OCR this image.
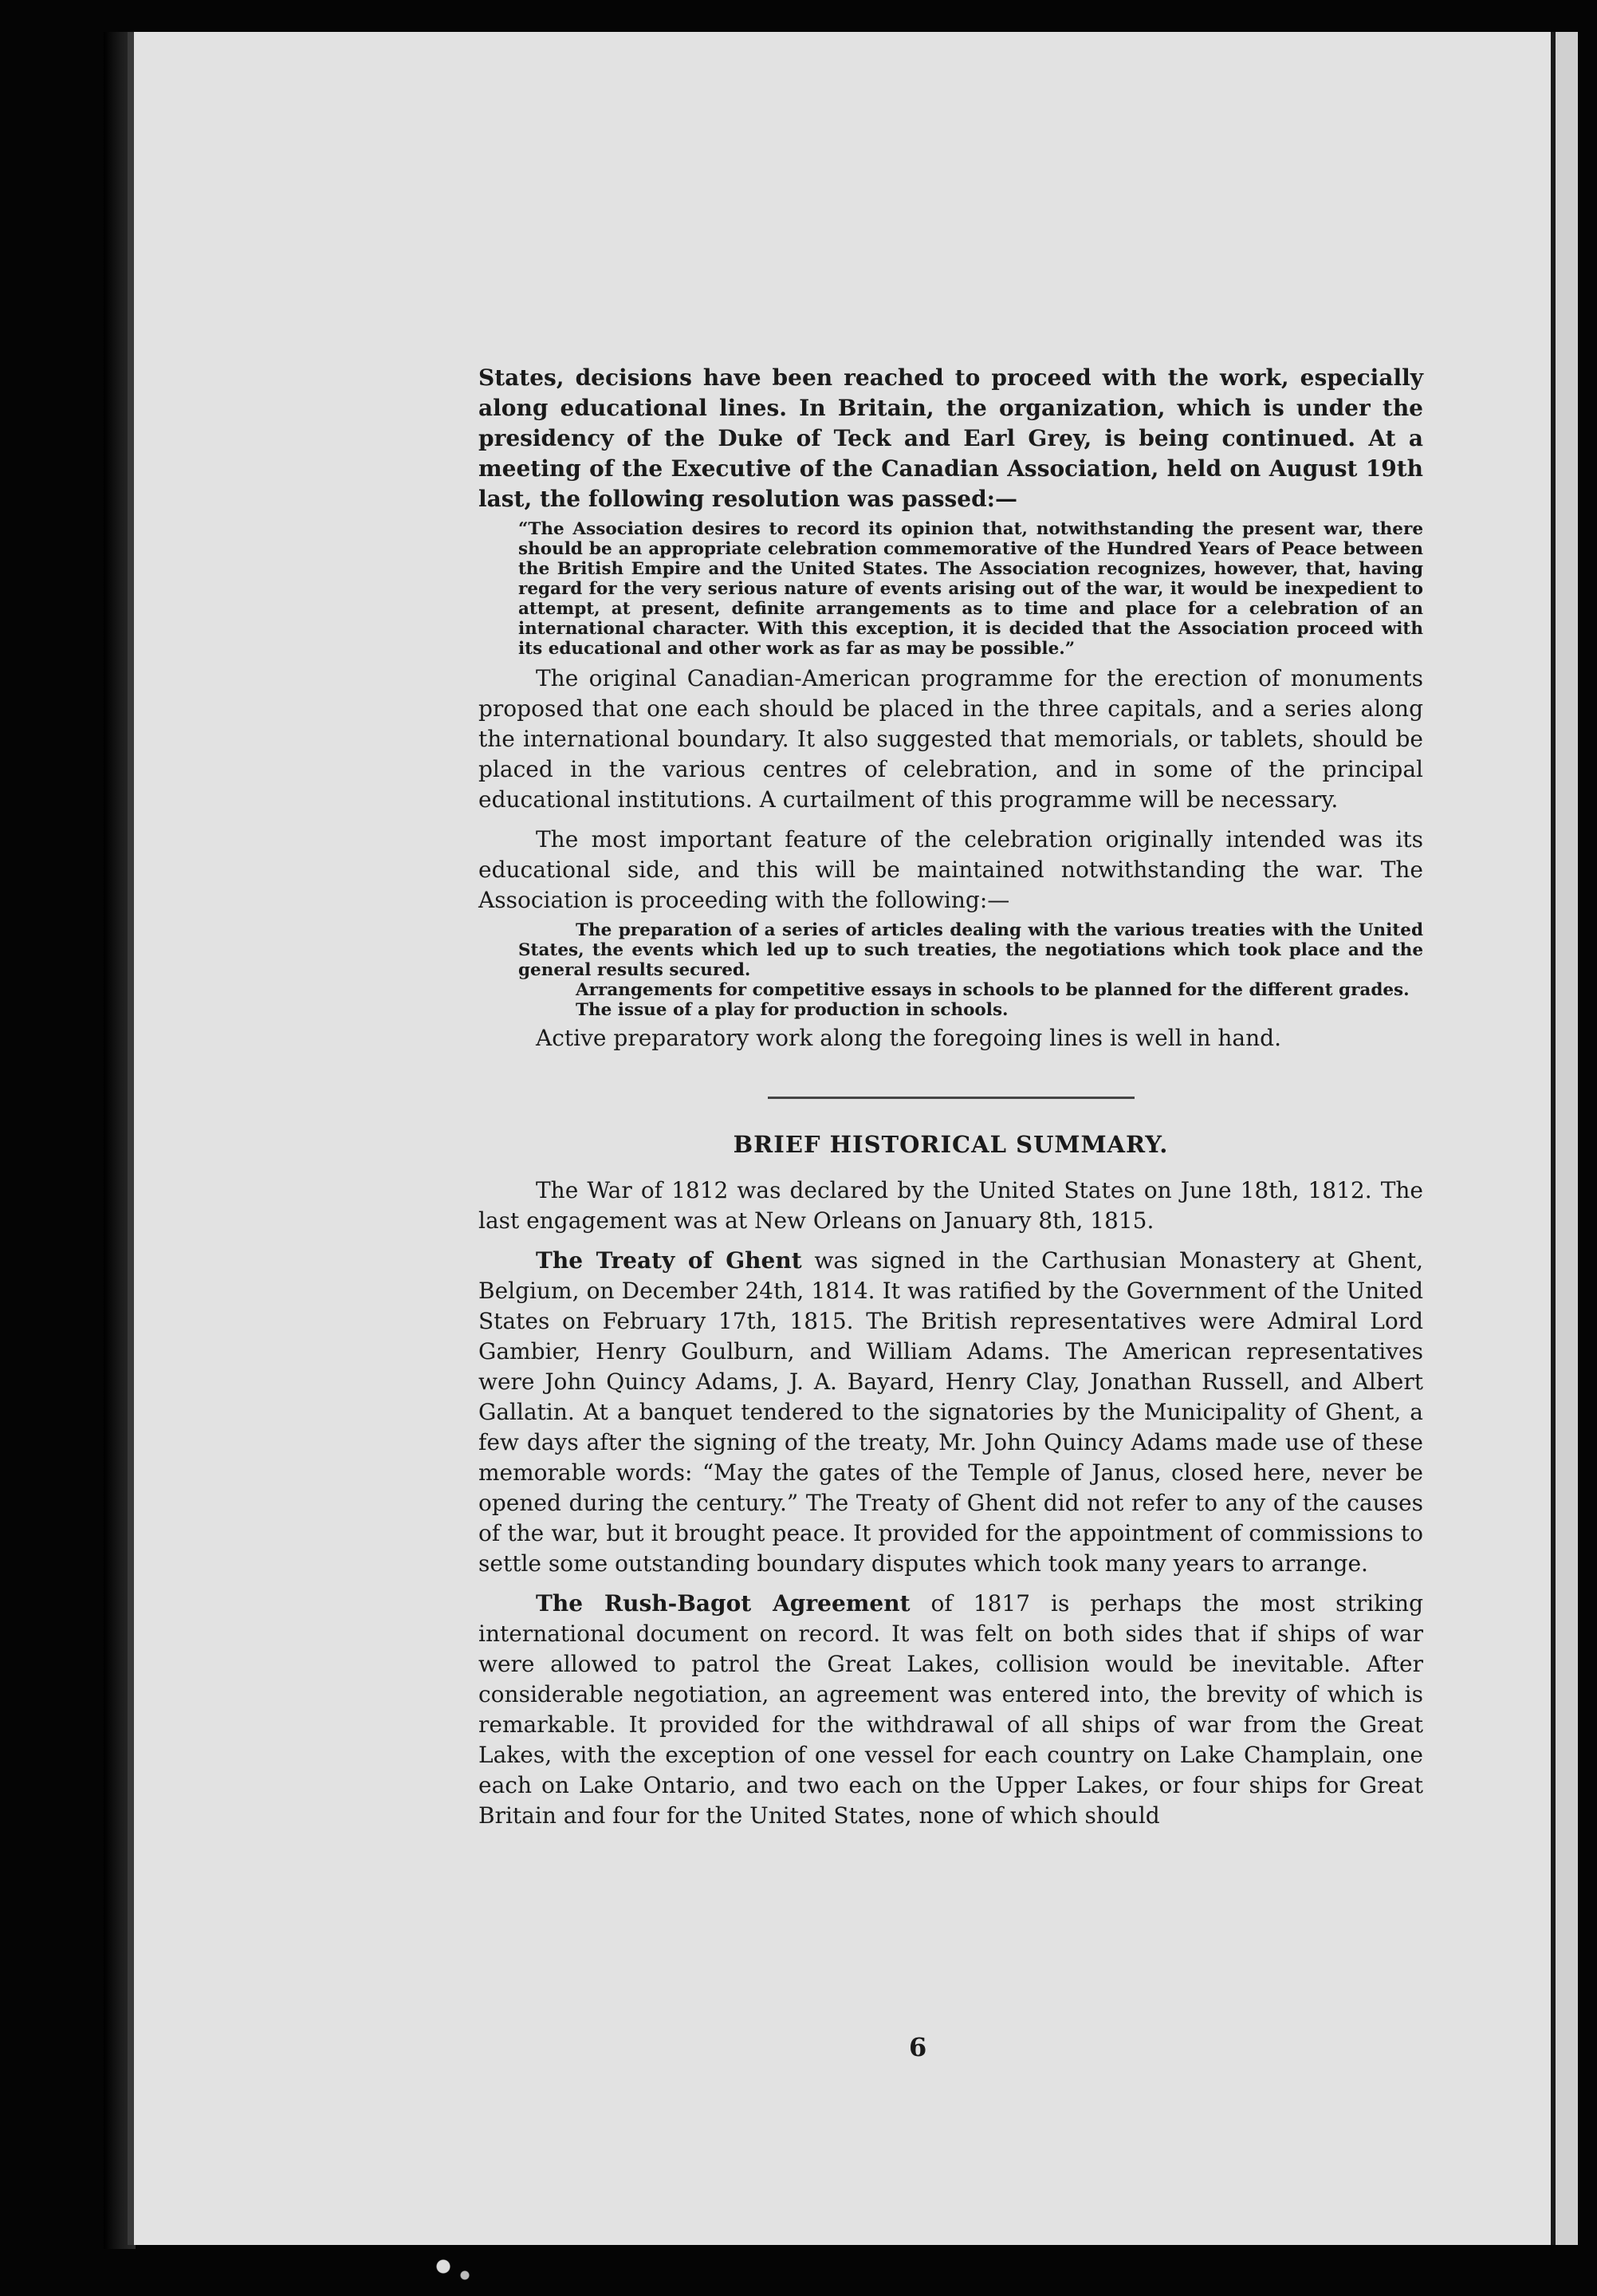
States, decisions have been reached to proceed with the work, especially along educational lines. In Britain, the organization, which is under the presidency of the Duke of Teck and Earl Grey, is being continued. At a meeting of the Executive of the Canadian Association, held on August 19th last, the following resolution was passed:—

“The Association desires to record its opinion that, notwithstanding the present war, there should be an appropriate celebration commemorative of the Hundred Years of Peace between the British Empire and the United States. The Association recognizes, however, that, having regard for the very serious nature of events arising out of the war, it would be inexpedient to attempt, at present, definite arrangements as to time and place for a celebration of an international character. With this exception, it is decided that the Association proceed with its educational and other work as far as may be possible.”

The original Canadian-American programme for the erection of monuments proposed that one each should be placed in the three capitals, and a series along the international boundary. It also suggested that memorials, or tablets, should be placed in the various centres of celebration, and in some of the principal educational institutions. A curtailment of this programme will be necessary.

The most important feature of the celebration originally intended was its educational side, and this will be maintained notwithstanding the war. The Association is proceeding with the following:—

The preparation of a series of articles dealing with the various treaties with the United States, the events which led up to such treaties, the negotiations which took place and the general results secured.

Arrangements for competitive essays in schools to be planned for the different grades.

The issue of a play for production in schools.

Active preparatory work along the foregoing lines is well in hand.

BRIEF HISTORICAL SUMMARY.

The War of 1812 was declared by the United States on June 18th, 1812. The last engagement was at New Orleans on January 8th, 1815.

The Treaty of Ghent was signed in the Carthusian Monastery at Ghent, Belgium, on December 24th, 1814. It was ratified by the Government of the United States on February 17th, 1815. The British representatives were Admiral Lord Gambier, Henry Goulburn, and William Adams. The American representatives were John Quincy Adams, J. A. Bayard, Henry Clay, Jonathan Russell, and Albert Gallatin. At a banquet tendered to the signatories by the Municipality of Ghent, a few days after the signing of the treaty, Mr. John Quincy Adams made use of these memorable words: “May the gates of the Temple of Janus, closed here, never be opened during the century.” The Treaty of Ghent did not refer to any of the causes of the war, but it brought peace. It provided for the appointment of commissions to settle some outstanding boundary disputes which took many years to arrange.

The Rush-Bagot Agreement of 1817 is perhaps the most striking international document on record. It was felt on both sides that if ships of war were allowed to patrol the Great Lakes, collision would be inevitable. After considerable negotiation, an agreement was entered into, the brevity of which is remarkable. It provided for the withdrawal of all ships of war from the Great Lakes, with the exception of one vessel for each country on Lake Champlain, one each on Lake Ontario, and two each on the Upper Lakes, or four ships for Great Britain and four for the United States, none of which should

6
